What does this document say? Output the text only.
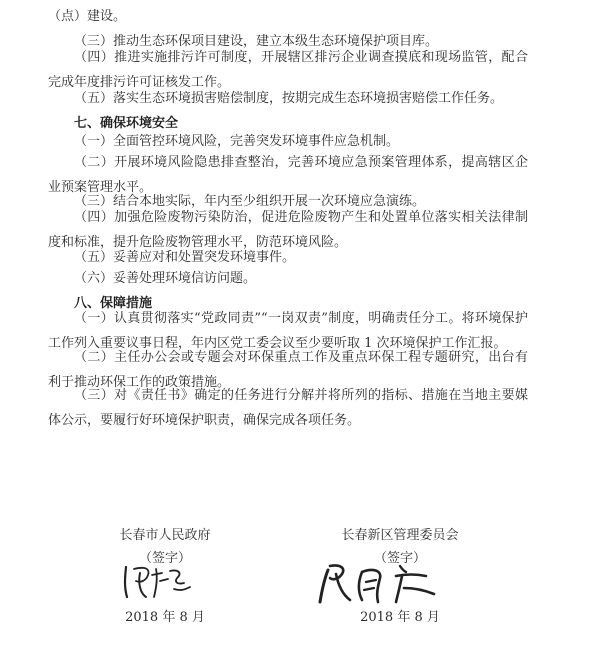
（点）建设。

（三）推动生态环保项目建设，建立本级生态环境保护项目库。

（四）推进实施排污许可制度，开展辖区排污企业调查摸底和现场监管，配合完成年度排污许可证核发工作。

（五）落实生态环境损害赔偿制度，按期完成生态环境损害赔偿工作任务。

七、确保环境安全

（一）全面管控环境风险，完善突发环境事件应急机制。

（二）开展环境风险隐患排查整治，完善环境应急预案管理体系，提高辖区企业预案管理水平。

（三）结合本地实际，年内至少组织开展一次环境应急演练。

（四）加强危险废物污染防治，促进危险废物产生和处置单位落实相关法律制度和标准，提升危险废物管理水平，防范环境风险。

（五）妥善应对和处置突发环境事件。

（六）妥善处理环境信访问题。

八、保障措施

（一）认真贯彻落实“党政同责”“一岗双责”制度，明确责任分工。将环境保护工作列入重要议事日程，年内区党工委会议至少要听取 1 次环境保护工作汇报。

（二）主任办公会或专题会对环保重点工作及重点环保工程专题研究，出台有利于推动环保工作的政策措施。

（三）对《责任书》确定的任务进行分解并将所列的指标、措施在当地主要媒体公示，要履行好环境保护职责，确保完成各项任务。

长春市人民政府
（签字）
2018 年 8 月
长春新区管理委员会
（签字）
2018 年 8 月
